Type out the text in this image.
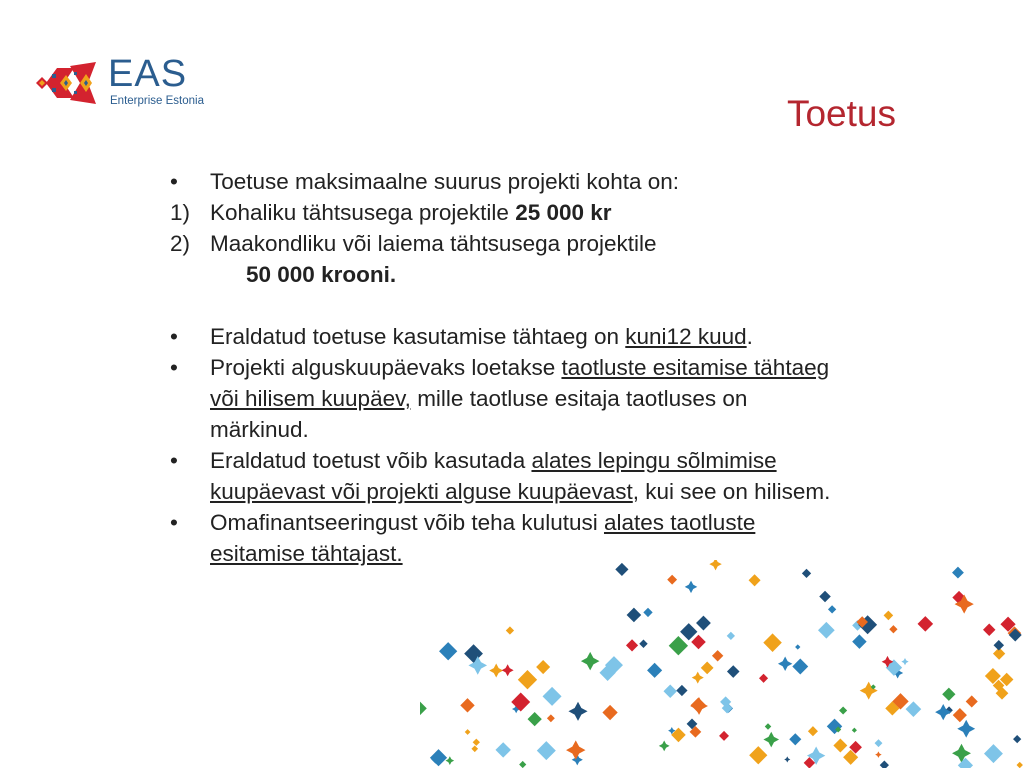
EAS
Enterprise Estonia	Toetus
• Toetuse maksimaalne suurus projekti kohta on:
1) Kohaliku tähtsusega projektile 25 000 kr
2) Maakondliku või laiema tähtsusega projektile
50 000 krooni.
• Eraldatud toetuse kasutamise tähtaeg on kuni12 kuud.
• Projekti alguskuupäevaks loetakse taotluste esitamise tähtaeg või hilisem kuupäev, mille taotluse esitaja taotluses on märkinud.
• Eraldatud toetust võib kasutada alates lepingu sõlmimise kuupäevast või projekti alguse kuupäevast, kui see on hilisem.
• Omafinantseeringust võib teha kulutusi alates taotluste esitamise tähtajast.
